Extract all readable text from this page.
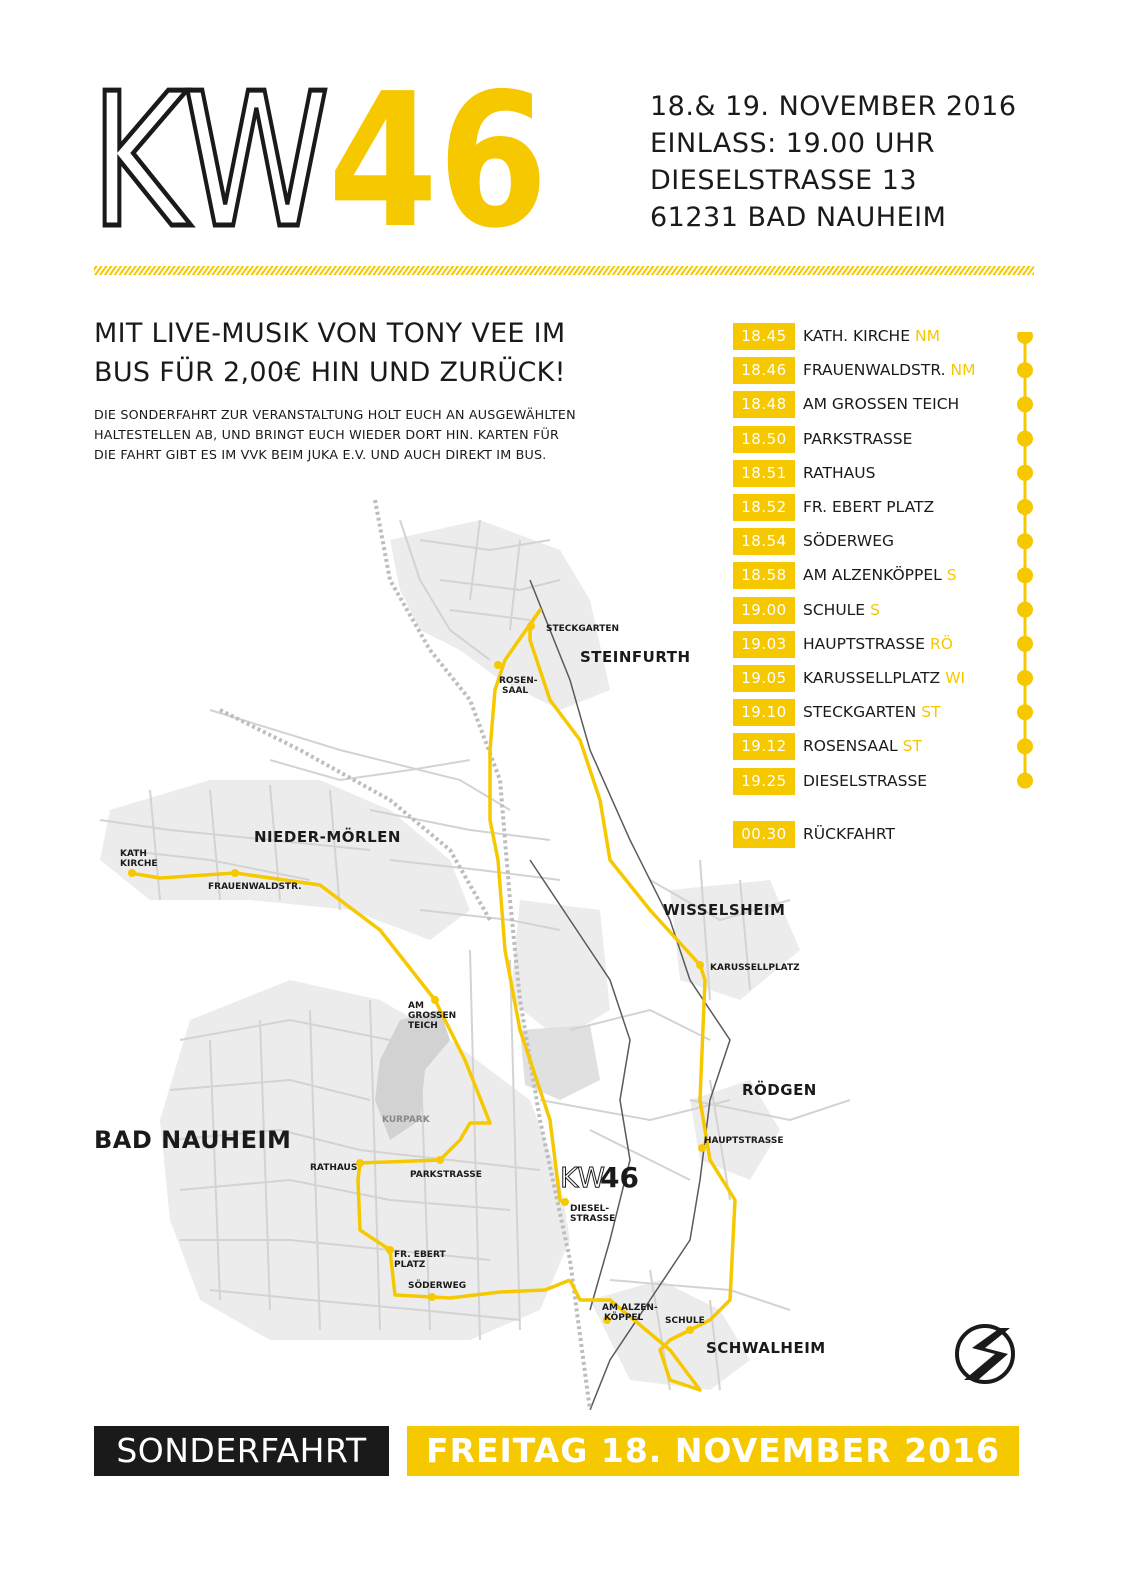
KW
46	18.& 19. NOVEMBER 2016
EINLASS: 19.00 UHR
DIESELSTRASSE 13
61231 BAD NAUHEIM
MIT LIVE-MUSIK VON TONY VEE IM
BUS FÜR 2,00€ HIN UND ZURÜCK!
DIE SONDERFAHRT ZUR VERANSTALTUNG HOLT EUCH AN AUSGEWÄHLTEN
HALTESTELLEN AB, UND BRINGT EUCH WIEDER DORT HIN. KARTEN FÜR
DIE FAHRT GIBT ES IM VVK BEIM JUKA E.V. UND AUCH DIREKT IM BUS.
18.45	KATH. KIRCHE NM
18.46	FRAUENWALDSTR. NM
18.48	AM GROSSEN TEICH
18.50	PARKSTRASSE
18.51	RATHAUS
18.52	FR. EBERT PLATZ
18.54	SÖDERWEG
18.58	AM ALZENKÖPPEL S
19.00	SCHULE S
19.03	HAUPTSTRASSE RÖ
19.05	KARUSSELLPLATZ WI
19.10	STECKGARTEN ST
19.12	ROSENSAAL ST
19.25	DIESELSTRASSE
00.30	RÜCKFAHRT
STEINFURTH
NIEDER-MÖRLEN
WISSELSHEIM
RÖDGEN
SCHWALHEIM
KURPARK
STECKGARTEN
ROSEN-
SAAL
KATH
KIRCHE
FRAUENWALDSTR.
KARUSSELLPLATZ
AM
GROSSEN
TEICH
HAUPTSTRASSE
RATHAUS
PARKSTRASSE
DIESEL-
STRASSE
FR. EBERT
PLATZ
SÖDERWEG
AM ALZEN-
KÖPPEL SCHULE
KW
46
BAD NAUHEIM
SONDERFAHRT	FREITAG 18. NOVEMBER 2016
